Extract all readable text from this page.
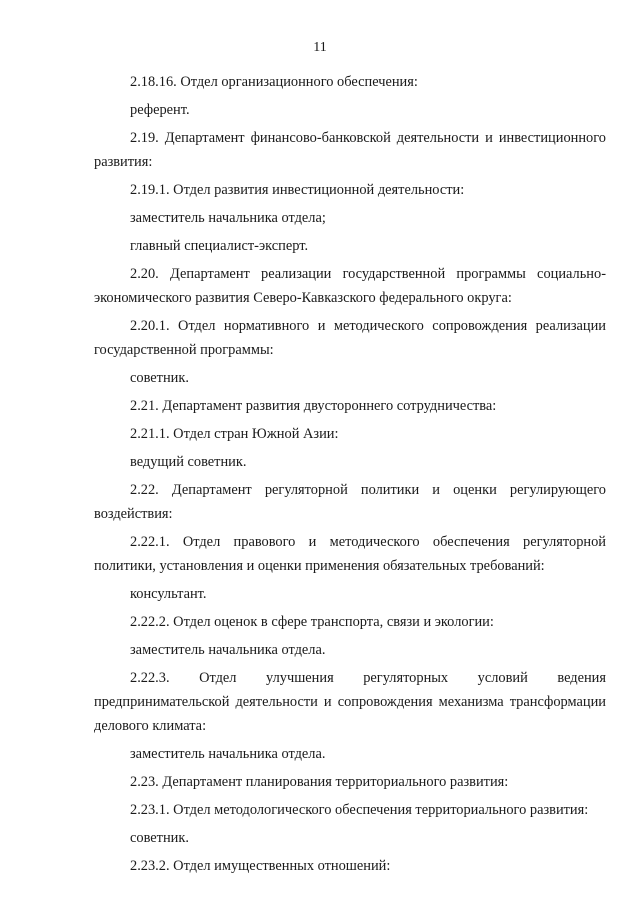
11

2.18.16. Отдел организационного обеспечения:

референт.

2.19. Департамент финансово-банковской деятельности и инвестиционного развития:

2.19.1. Отдел развития инвестиционной деятельности:

заместитель начальника отдела;

главный специалист-эксперт.

2.20. Департамент реализации государственной программы социально-экономического развития Северо-Кавказского федерального округа:

2.20.1. Отдел нормативного и методического сопровождения реализации государственной программы:

советник.

2.21. Департамент развития двустороннего сотрудничества:

2.21.1. Отдел стран Южной Азии:

ведущий советник.

2.22. Департамент регуляторной политики и оценки регулирующего воздействия:

2.22.1. Отдел правового и методического обеспечения регуляторной политики, установления и оценки применения обязательных требований:

консультант.

2.22.2. Отдел оценок в сфере транспорта, связи и экологии:

заместитель начальника отдела.

2.22.3. Отдел улучшения регуляторных условий ведения предпринимательской деятельности и сопровождения механизма трансформации делового климата:

заместитель начальника отдела.

2.23. Департамент планирования территориального развития:

2.23.1. Отдел методологического обеспечения территориального развития:

советник.

2.23.2. Отдел имущественных отношений:
